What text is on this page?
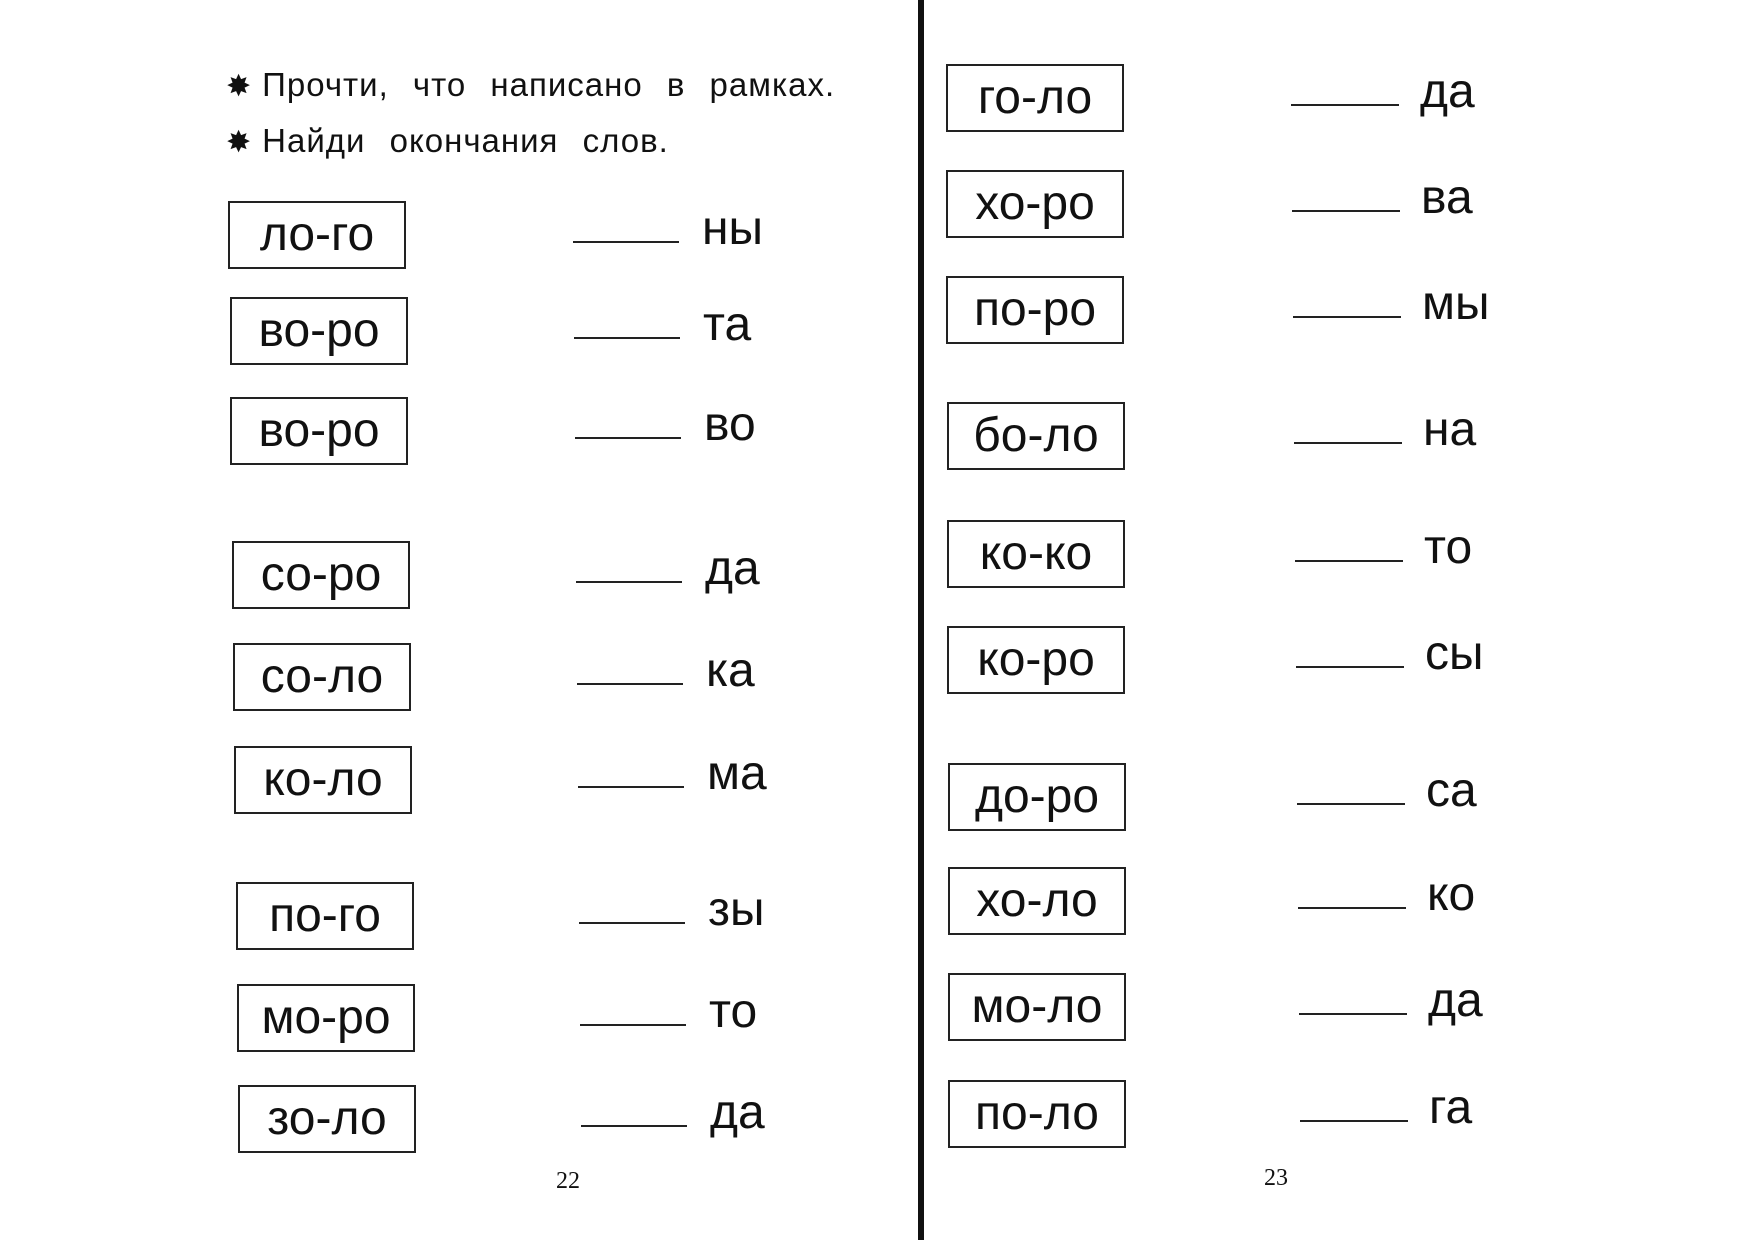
✸ Прочти, что написано в рамках.
✸ Найди окончания слов.
ло-го	ны
во-ро	та
во-ро	во
со-ро	да
со-ло	ка
ко-ло	ма
по-го	зы
мо-ро	то
зо-ло	да
го-ло	да
хо-ро	ва
по-ро	мы
бо-ло	на
ко-ко	то
ко-ро	сы
до-ро	са
хо-ло	ко
мо-ло	да
по-ло	га
22	23
